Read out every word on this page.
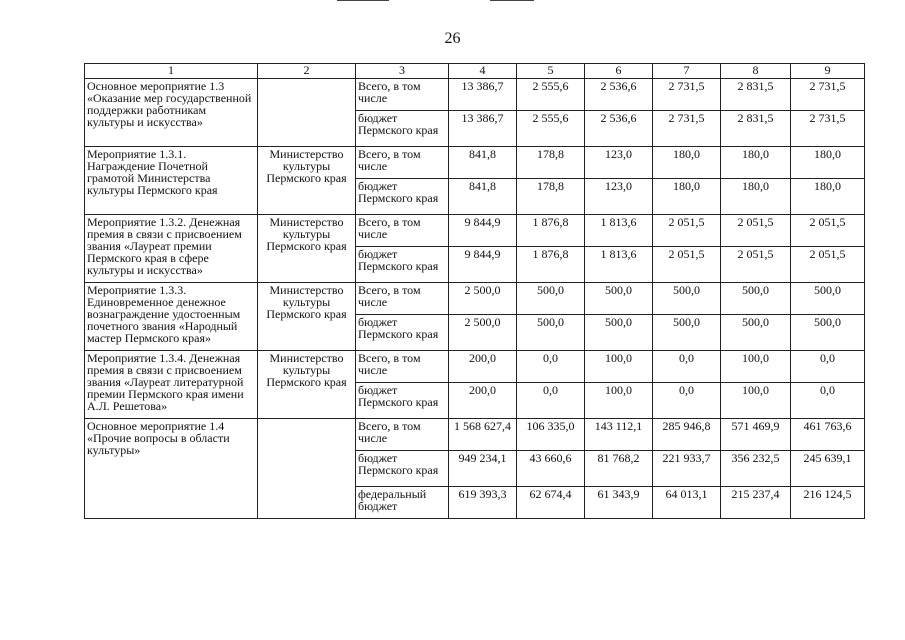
26
1	2	3	4	5	6	7	8	9
Основное мероприятие 1.3 «Оказание мер государственной поддержки работникам культуры и искусства»		Всего, в том числе	13 386,7	2 555,6	2 536,6	2 731,5	2 831,5	2 731,5
		бюджет Пермского края	13 386,7	2 555,6	2 536,6	2 731,5	2 831,5	2 731,5
Мероприятие 1.3.1. Награждение Почетной грамотой Министерства культуры Пермского края	Министерство культуры Пермского края	Всего, в том числе	841,8	178,8	123,0	180,0	180,0	180,0
		бюджет Пермского края	841,8	178,8	123,0	180,0	180,0	180,0
Мероприятие 1.3.2. Денежная премия в связи с присвоением звания «Лауреат премии Пермского края в сфере культуры и искусства»	Министерство культуры Пермского края	Всего, в том числе	9 844,9	1 876,8	1 813,6	2 051,5	2 051,5	2 051,5
		бюджет Пермского края	9 844,9	1 876,8	1 813,6	2 051,5	2 051,5	2 051,5
Мероприятие 1.3.3. Единовременное денежное вознаграждение удостоенным почетного звания «Народный мастер Пермского края»	Министерство культуры Пермского края	Всего, в том числе	2 500,0	500,0	500,0	500,0	500,0	500,0
		бюджет Пермского края	2 500,0	500,0	500,0	500,0	500,0	500,0
Мероприятие 1.3.4. Денежная премия в связи с присвоением звания «Лауреат литературной премии Пермского края имени А.Л. Решетова»	Министерство культуры Пермского края	Всего, в том числе	200,0	0,0	100,0	0,0	100,0	0,0
		бюджет Пермского края	200,0	0,0	100,0	0,0	100,0	0,0
Основное мероприятие 1.4 «Прочие вопросы в области культуры»		Всего, в том числе	1 568 627,4	106 335,0	143 112,1	285 946,8	571 469,9	461 763,6
		бюджет Пермского края	949 234,1	43 660,6	81 768,2	221 933,7	356 232,5	245 639,1
		федеральный бюджет	619 393,3	62 674,4	61 343,9	64 013,1	215 237,4	216 124,5
